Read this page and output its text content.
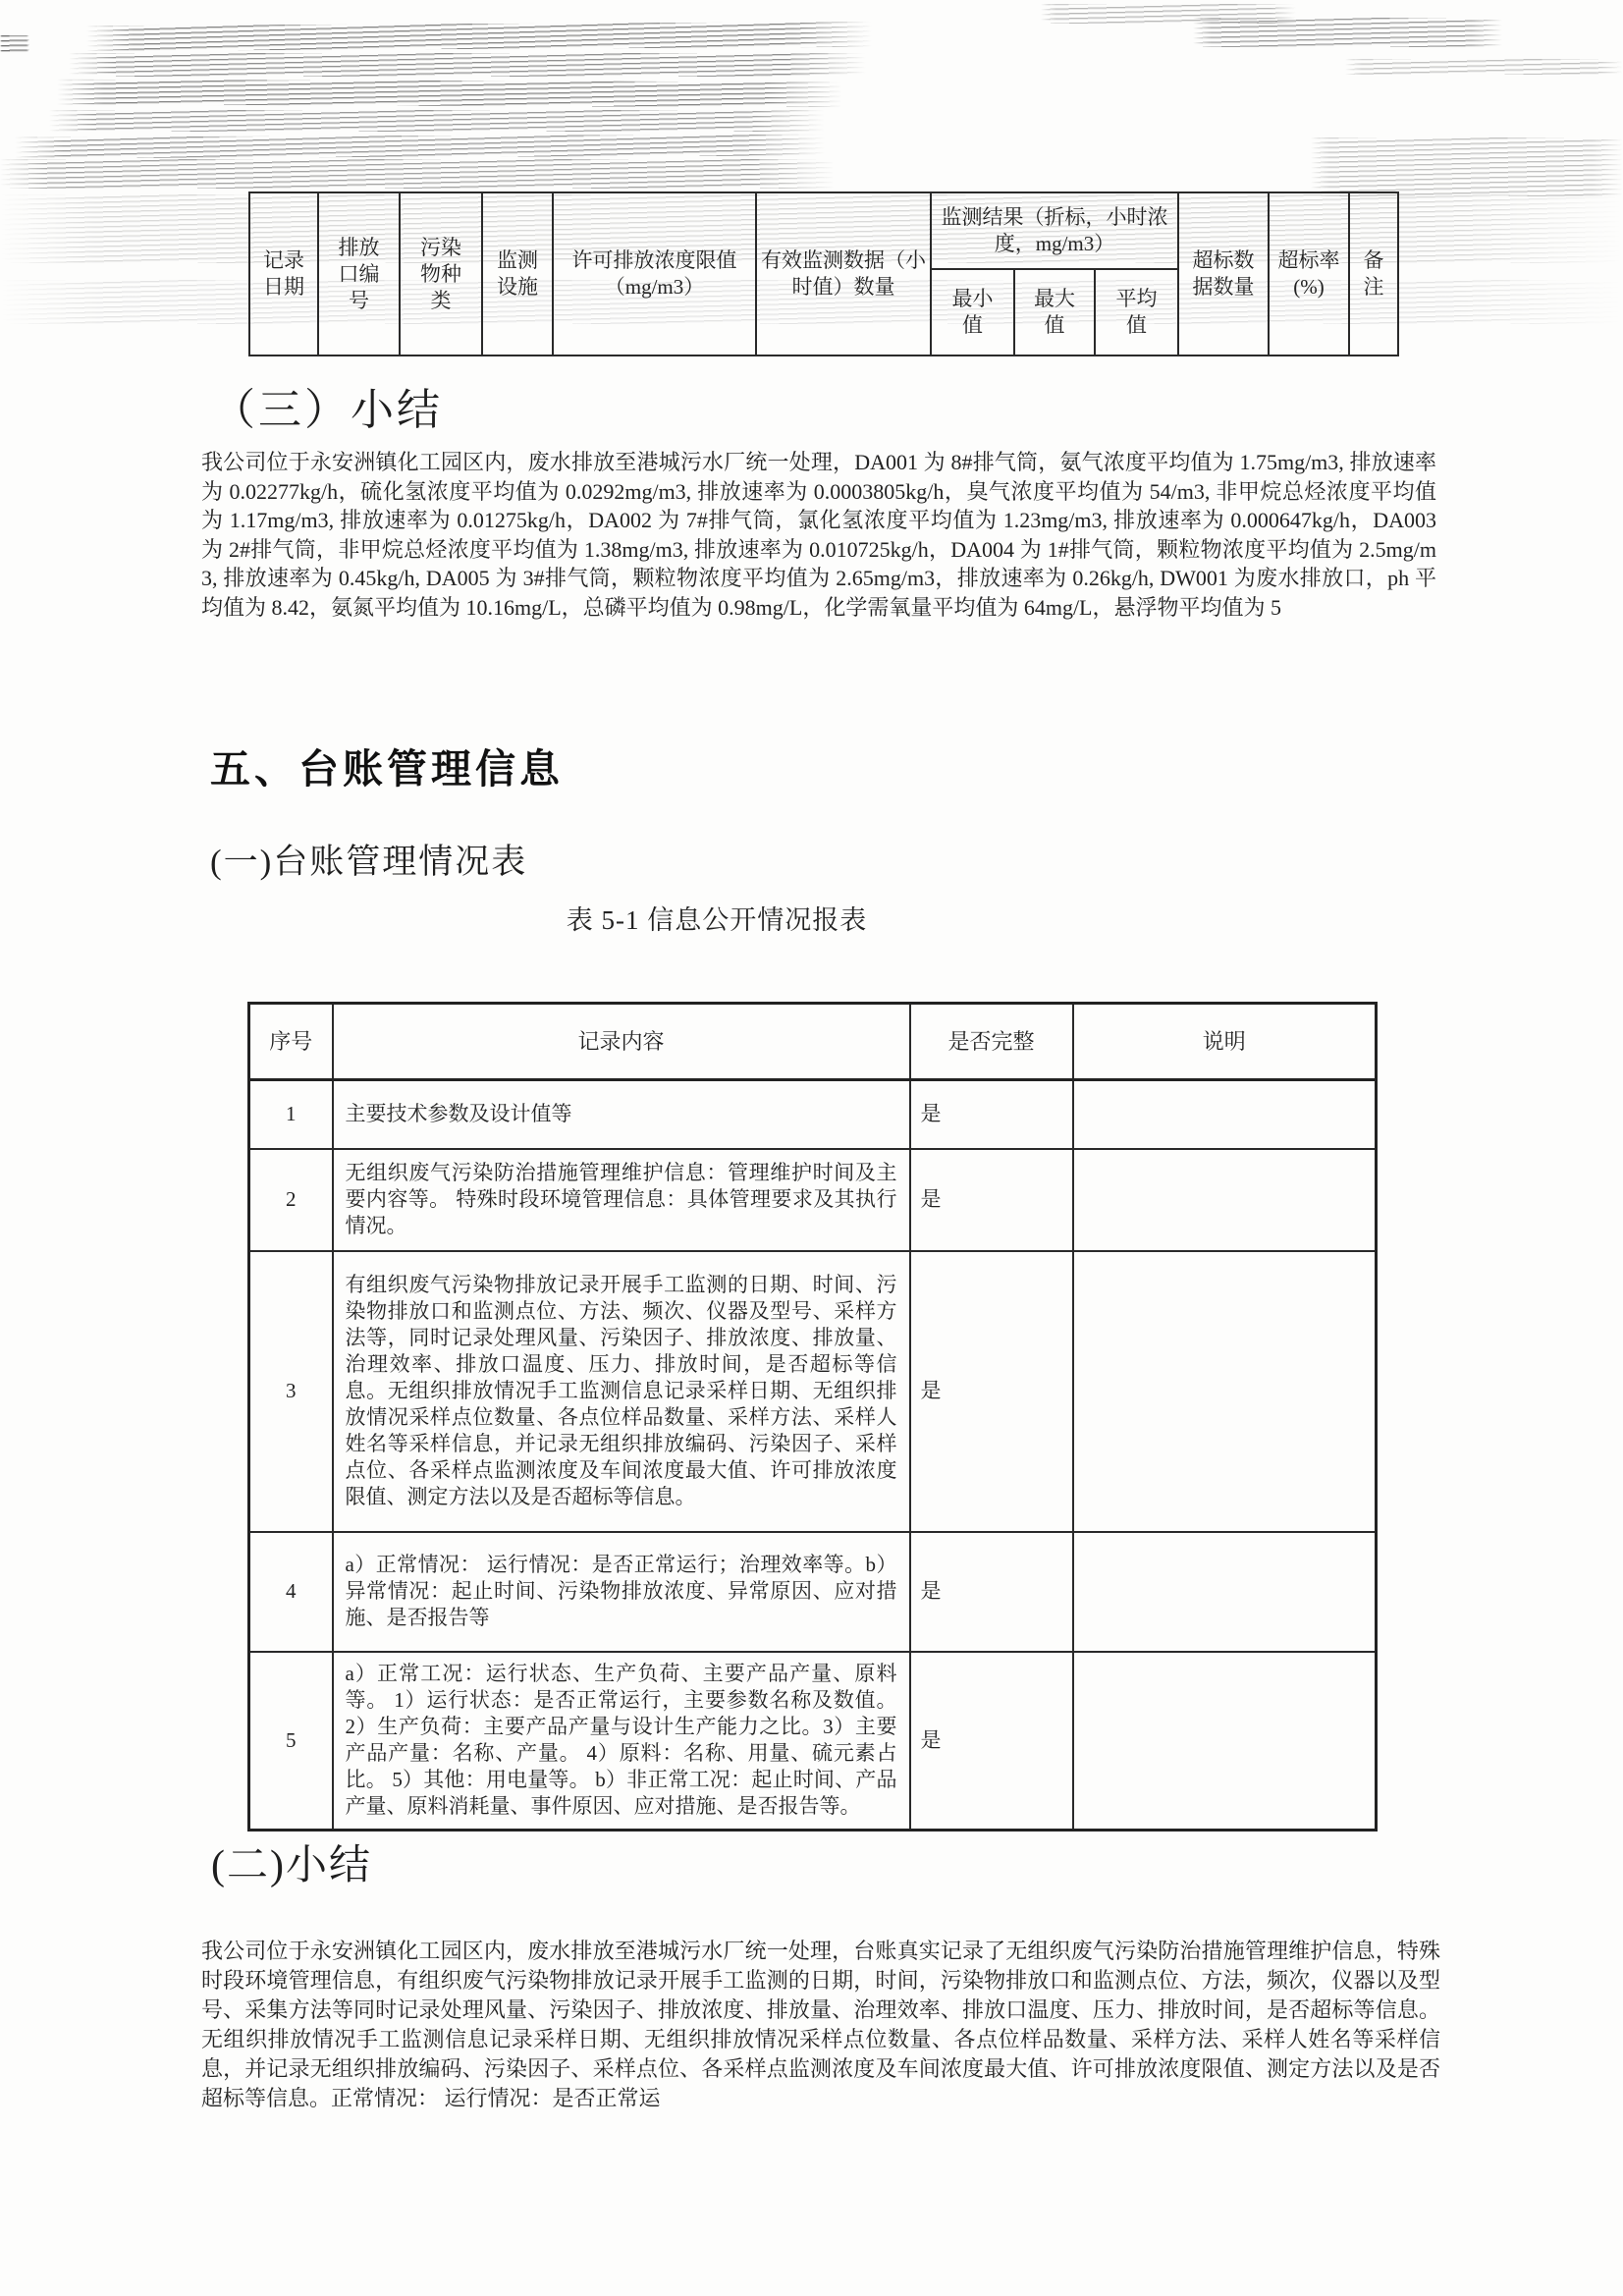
记录日期	排放口编号	污染物种类	监测设施	许可排放浓度限值（mg/m3）	有效监测数据（小时值）数量	监测结果（折标，小时浓度，mg/m3）			超标数据数量	超标率(%)	备注
						最小值	最大值	平均值			
（三）小结
我公司位于永安洲镇化工园区内，废水排放至港城污水厂统一处理，DA001 为 8#排气筒，氨气浓度平均值为 1.75mg/m3, 排放速率为 0.02277kg/h，硫化氢浓度平均值为 0.0292mg/m3, 排放速率为 0.0003805kg/h，臭气浓度平均值为 54/m3, 非甲烷总烃浓度平均值为 1.17mg/m3, 排放速率为 0.01275kg/h，DA002 为 7#排气筒，氯化氢浓度平均值为 1.23mg/m3, 排放速率为 0.000647kg/h，DA003 为 2#排气筒，非甲烷总烃浓度平均值为 1.38mg/m3, 排放速率为 0.010725kg/h，DA004 为 1#排气筒，颗粒物浓度平均值为 2.5mg/m3, 排放速率为 0.45kg/h, DA005 为 3#排气筒，颗粒物浓度平均值为 2.65mg/m3，排放速率为 0.26kg/h, DW001 为废水排放口，ph 平均值为 8.42，氨氮平均值为 10.16mg/L，总磷平均值为 0.98mg/L，化学需氧量平均值为 64mg/L，悬浮物平均值为 5
五、台账管理信息
(一)台账管理情况表
表 5-1 信息公开情况报表
序号	记录内容	是否完整	说明
1	主要技术参数及设计值等	是	
2	无组织废气污染防治措施管理维护信息：管理维护时间及主要内容等。 特殊时段环境管理信息：具体管理要求及其执行情况。	是	
3	有组织废气污染物排放记录开展手工监测的日期、时间、污染物排放口和监测点位、方法、频次、仪器及型号、采样方法等，同时记录处理风量、污染因子、排放浓度、排放量、治理效率、排放口温度、压力、排放时间，是否超标等信息。无组织排放情况手工监测信息记录采样日期、无组织排放情况采样点位数量、各点位样品数量、采样方法、采样人姓名等采样信息，并记录无组织排放编码、污染因子、采样点位、各采样点监测浓度及车间浓度最大值、许可排放浓度限值、测定方法以及是否超标等信息。	是	
4	a）正常情况： 运行情况：是否正常运行；治理效率等。b）异常情况：起止时间、污染物排放浓度、异常原因、应对措施、是否报告等	是	
5	a）正常工况：运行状态、生产负荷、主要产品产量、原料等。 1）运行状态：是否正常运行，主要参数名称及数值。 2）生产负荷：主要产品产量与设计生产能力之比。3）主要产品产量：名称、产量。 4）原料：名称、用量、硫元素占比。 5）其他：用电量等。 b）非正常工况：起止时间、产品产量、原料消耗量、事件原因、应对措施、是否报告等。	是	
(二)小结
我公司位于永安洲镇化工园区内，废水排放至港城污水厂统一处理，台账真实记录了无组织废气污染防治措施管理维护信息，特殊时段环境管理信息，有组织废气污染物排放记录开展手工监测的日期，时间，污染物排放口和监测点位、方法，频次，仪器以及型号、采集方法等同时记录处理风量、污染因子、排放浓度、排放量、治理效率、排放口温度、压力、排放时间，是否超标等信息。无组织排放情况手工监测信息记录采样日期、无组织排放情况采样点位数量、各点位样品数量、采样方法、采样人姓名等采样信息，并记录无组织排放编码、污染因子、采样点位、各采样点监测浓度及车间浓度最大值、许可排放浓度限值、测定方法以及是否超标等信息。正常情况： 运行情况：是否正常运
